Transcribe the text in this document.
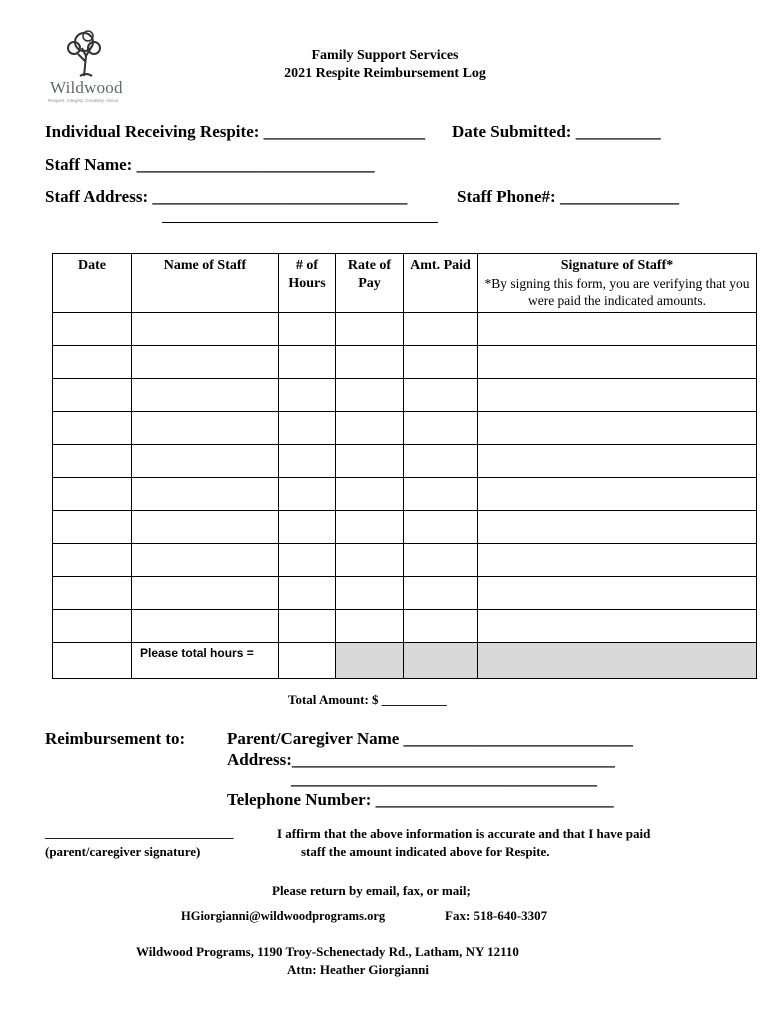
Wildwood
Respect. Integrity. Creativity. Vision.
Family Support Services
2021 Respite Reimbursement Log
Individual Receiving Respite: ___________________ Date Submitted: __________
Staff Name: ____________________________
Staff Address: ______________________________	Staff Phone#: ______________
Date	Name of Staff	# of Hours	Rate of Pay	Amt. Paid	Signature of Staff*
*By signing this form, you are verifying that you were paid the indicated amounts.

	Please total hours =				
Total Amount: $ __________
Reimbursement to: Parent/Caregiver Name ___________________________
Address:______________________________________
____________________________________
Telephone Number: ____________________________
_____________________________	I affirm that the above information is accurate and that I have paid
(parent/caregiver signature)	staff the amount indicated above for Respite.
Please return by email, fax, or mail;
HGiorgianni@wildwoodprograms.org	Fax: 518-640-3307
Wildwood Programs, 1190 Troy-Schenectady Rd., Latham, NY 12110
Attn: Heather Giorgianni
